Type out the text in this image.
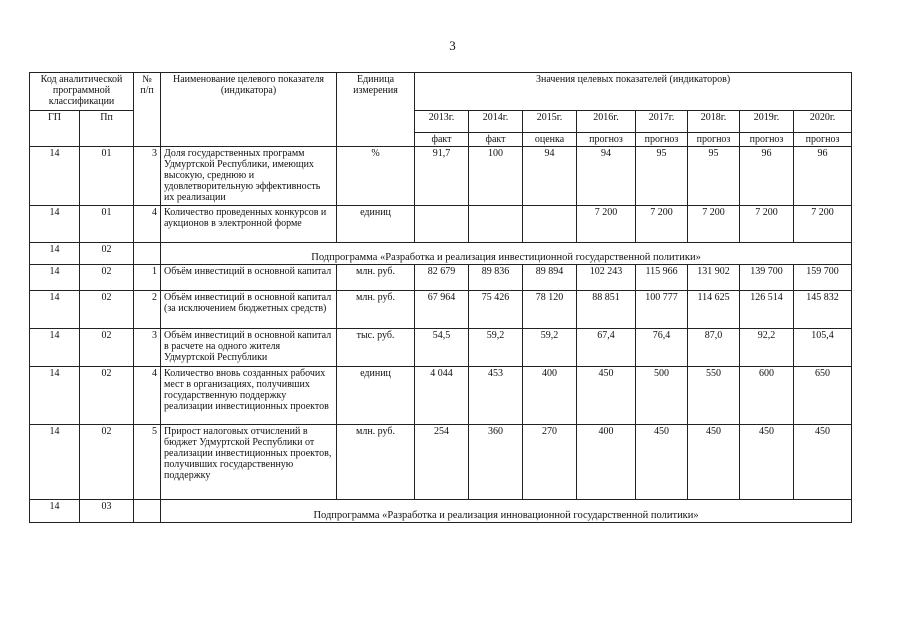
3
Код аналитической программной классификации		№ п/п	Наименование целевого показателя (индикатора)	Единица измерения	Значения целевых показателей (индикаторов)							
ГП	Пп				2013г.	2014г.	2015г.	2016г.	2017г.	2018г.	2019г.	2020г.
					факт	факт	оценка	прогноз	прогноз	прогноз	прогноз	прогноз
14	01	3	Доля государственных программ Удмуртской Республики, имеющих высокую, среднюю и удовлетворительную эффективность их реализации	%	91,7	100	94	94	95	95	96	96
14	01	4	Количество проведенных конкурсов и аукционов в электронной форме	единиц				7 200	7 200	7 200	7 200	7 200
14	02		Подпрограмма «Разработка и реализация инвестиционной государственной политики»									
14	02	1	Объём инвестиций в основной капитал	млн. руб.	82 679	89 836	89 894	102 243	115 966	131 902	139 700	159 700
14	02	2	Объём инвестиций в основной капитал (за исключением бюджетных средств)	млн. руб.	67 964	75 426	78 120	88 851	100 777	114 625	126 514	145 832
14	02	3	Объём инвестиций в основной капитал в расчете на одного жителя Удмуртской Республики	тыс. руб.	54,5	59,2	59,2	67,4	76,4	87,0	92,2	105,4
14	02	4	Количество вновь созданных рабочих мест в организациях, получивших государственную поддержку реализации инвестиционных проектов	единиц	4 044	453	400	450	500	550	600	650
14	02	5	Прирост налоговых отчислений в бюджет Удмуртской Республики от реализации инвестиционных проектов, получивших государственную поддержку	млн. руб.	254	360	270	400	450	450	450	450
14	03		Подпрограмма «Разработка и реализация инновационной государственной политики»									
